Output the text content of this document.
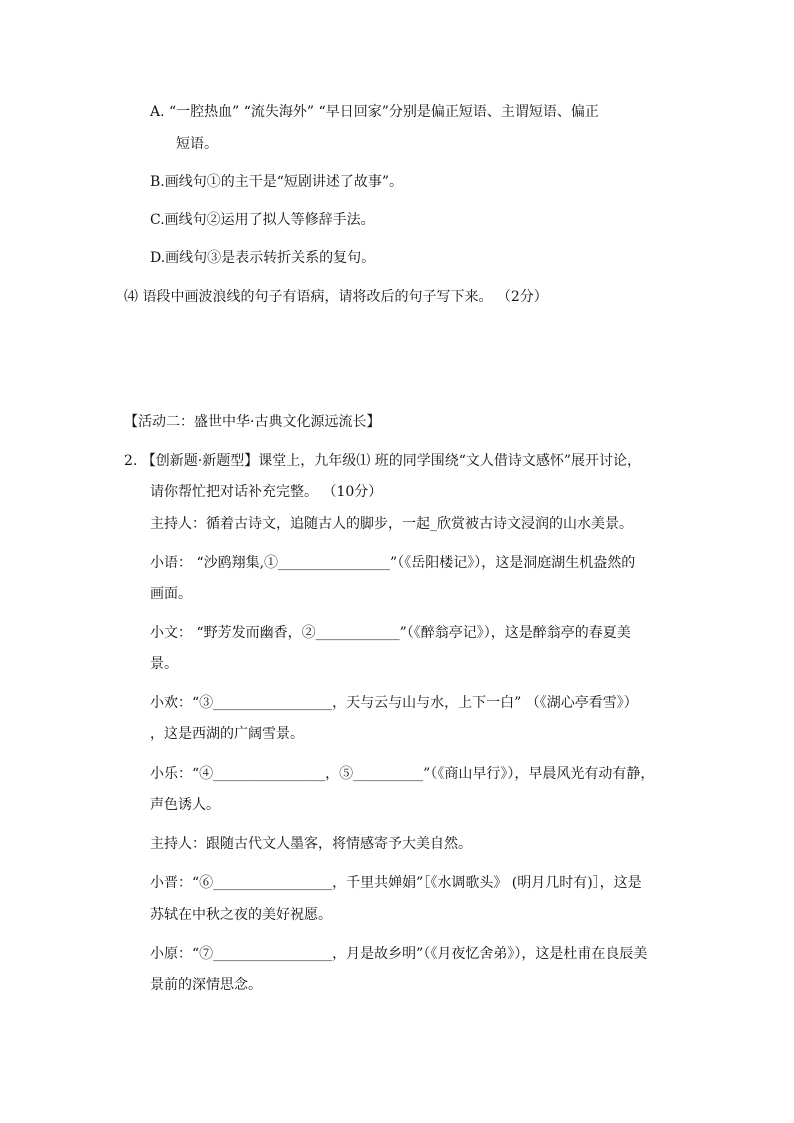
A. “一腔热血” “流失海外” “早日回家”分别是偏正短语、主谓短语、偏正
短语。
B.画线句①的主干是“短剧讲述了故事”。
C.画线句②运用了拟人等修辞手法。
D.画线句③是表示转折关系的复句。
⑷ 语段中画波浪线的句子有语病，请将改后的句子写下来。 （2分）
【活动二：盛世中华·古典文化源远流长】
2. 【创新题·新题型】课堂上，九年级⑴ 班的同学围绕“文人借诗文感怀”展开讨论，
请你帮忙把对话补充完整。 （10分）
主持人：循着古诗文，追随古人的脚步，一起_欣赏被古诗文浸润的山水美景。
小语： “沙鸥翔集,①________________”（《岳阳楼记》），这是洞庭湖生机盎然的
画面。
小文： “野芳发而幽香，②____________”（《醉翁亭记》），这是醉翁亭的春夏美
景。
小欢：“③_________________，天与云与山与水，上下一白” （《湖心亭看雪》）
，这是西湖的广阔雪景。
小乐：“④________________，⑤__________”（《商山早行》），早晨风光有动有静，
声色诱人。
主持人：跟随古代文人墨客，将情感寄予大美自然。
小晋：“⑥_________________，千里共婵娟”［《水调歌头》 (明月几时有)］，这是
苏轼在中秋之夜的美好祝愿。
小原：“⑦_________________，月是故乡明”（《月夜忆舍弟》），这是杜甫在良辰美
景前的深情思念。
